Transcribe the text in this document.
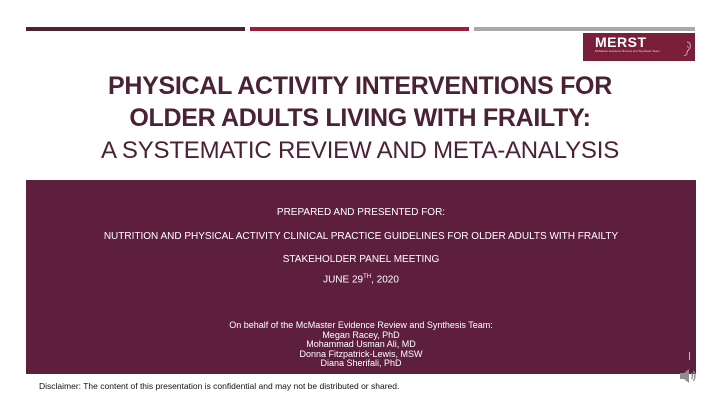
MERST
McMaster Evidence Review and Synthesis Team
PHYSICAL ACTIVITY INTERVENTIONS FOR
OLDER ADULTS LIVING WITH FRAILTY:
A SYSTEMATIC REVIEW AND META-ANALYSIS
PREPARED AND PRESENTED FOR:
NUTRITION AND PHYSICAL ACTIVITY CLINICAL PRACTICE GUIDELINES FOR OLDER ADULTS WITH FRAILTY
STAKEHOLDER PANEL MEETING
JUNE 29TH, 2020
On behalf of the McMaster Evidence Review and Synthesis Team:
Megan Racey, PhD
Mohammad Usman Ali, MD
Donna Fitzpatrick-Lewis, MSW
Diana Sherifali, PhD
Disclaimer: The content of this presentation is confidential and may not be distributed or shared.
